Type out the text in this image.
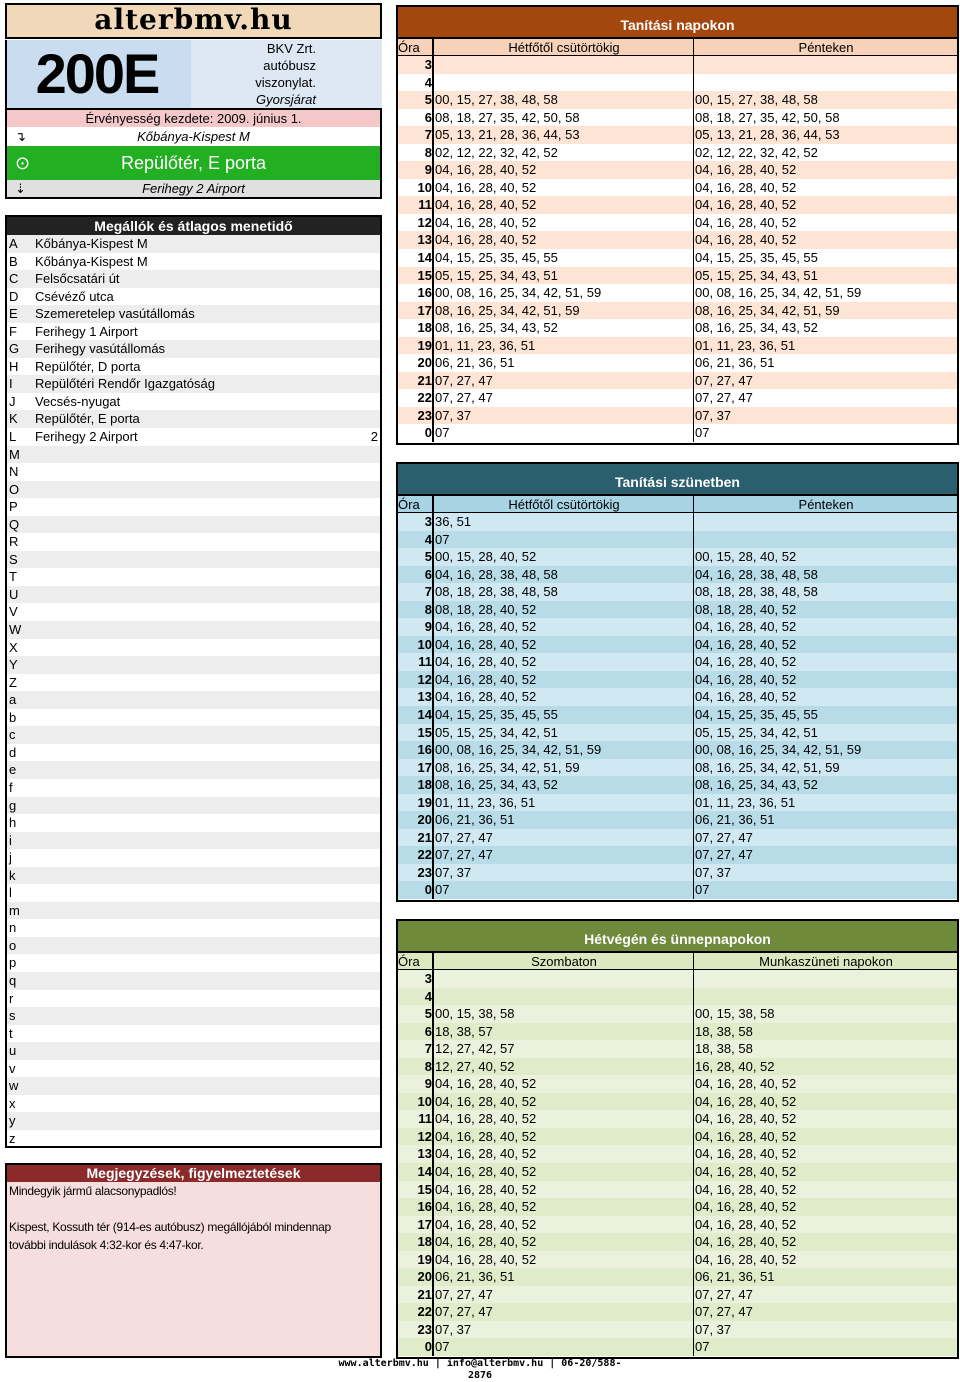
alterbmv.hu
200E	BKV Zrt.
autóbusz
viszonylat.
Gyorsjárat
Érvényesség kezdete: 2009. június 1.
↴	Kőbánya-Kispest M
⊙	Repülőtér, E porta
⇣	Ferihegy 2 Airport
Megállók és átlagos menetidő
A Kőbánya-Kispest M
B Kőbánya-Kispest M
C Felsőcsatári út
D Csévéző utca
E Szemeretelep vasútállomás
F Ferihegy 1 Airport
G Ferihegy vasútállomás
H Repülőtér, D porta
I Repülőtéri Rendőr Igazgatóság
J Vecsés-nyugat
K Repülőtér, E porta
L Ferihegy 2 Airport	2
M
N
O
P
Q
R
S
T
U
V
W
X
Y
Z
a
b
c
d
e
f
g
h
i
j
k
l
m
n
o
p
q
r
s
t
u
v
w
x
y
z
Megjegyzések, figyelmeztetések

Mindegyik jármű alacsonypadlós!

Kispest, Kossuth tér (914-es autóbusz) megállójából mindennap

további indulások 4:32-kor és 4:47-kor.

Tanítási napokon
Óra	Hétfőtől csütörtökig	Pénteken
3
4
5 00, 15, 27, 38, 48, 58	00, 15, 27, 38, 48, 58
6 08, 18, 27, 35, 42, 50, 58	08, 18, 27, 35, 42, 50, 58
7 05, 13, 21, 28, 36, 44, 53	05, 13, 21, 28, 36, 44, 53
8 02, 12, 22, 32, 42, 52	02, 12, 22, 32, 42, 52
9 04, 16, 28, 40, 52	04, 16, 28, 40, 52
10 04, 16, 28, 40, 52	04, 16, 28, 40, 52
11 04, 16, 28, 40, 52	04, 16, 28, 40, 52
12 04, 16, 28, 40, 52	04, 16, 28, 40, 52
13 04, 16, 28, 40, 52	04, 16, 28, 40, 52
14 04, 15, 25, 35, 45, 55	04, 15, 25, 35, 45, 55
15 05, 15, 25, 34, 43, 51	05, 15, 25, 34, 43, 51
16 00, 08, 16, 25, 34, 42, 51, 59	00, 08, 16, 25, 34, 42, 51, 59
17 08, 16, 25, 34, 42, 51, 59	08, 16, 25, 34, 42, 51, 59
18 08, 16, 25, 34, 43, 52	08, 16, 25, 34, 43, 52
19 01, 11, 23, 36, 51	01, 11, 23, 36, 51
20 06, 21, 36, 51	06, 21, 36, 51
21 07, 27, 47	07, 27, 47
22 07, 27, 47	07, 27, 47
23 07, 37	07, 37
0 07	07
Tanítási szünetben
Óra	Hétfőtől csütörtökig	Pénteken
3 36, 51
4 07
5 00, 15, 28, 40, 52	00, 15, 28, 40, 52
6 04, 16, 28, 38, 48, 58	04, 16, 28, 38, 48, 58
7 08, 18, 28, 38, 48, 58	08, 18, 28, 38, 48, 58
8 08, 18, 28, 40, 52	08, 18, 28, 40, 52
9 04, 16, 28, 40, 52	04, 16, 28, 40, 52
10 04, 16, 28, 40, 52	04, 16, 28, 40, 52
11 04, 16, 28, 40, 52	04, 16, 28, 40, 52
12 04, 16, 28, 40, 52	04, 16, 28, 40, 52
13 04, 16, 28, 40, 52	04, 16, 28, 40, 52
14 04, 15, 25, 35, 45, 55	04, 15, 25, 35, 45, 55
15 05, 15, 25, 34, 42, 51	05, 15, 25, 34, 42, 51
16 00, 08, 16, 25, 34, 42, 51, 59	00, 08, 16, 25, 34, 42, 51, 59
17 08, 16, 25, 34, 42, 51, 59	08, 16, 25, 34, 42, 51, 59
18 08, 16, 25, 34, 43, 52	08, 16, 25, 34, 43, 52
19 01, 11, 23, 36, 51	01, 11, 23, 36, 51
20 06, 21, 36, 51	06, 21, 36, 51
21 07, 27, 47	07, 27, 47
22 07, 27, 47	07, 27, 47
23 07, 37	07, 37
0 07	07
Hétvégén és ünnepnapokon
Óra	Szombaton	Munkaszüneti napokon
3
4
5 00, 15, 38, 58	00, 15, 38, 58
6 18, 38, 57	18, 38, 58
7 12, 27, 42, 57	18, 38, 58
8 12, 27, 40, 52	16, 28, 40, 52
9 04, 16, 28, 40, 52	04, 16, 28, 40, 52
10 04, 16, 28, 40, 52	04, 16, 28, 40, 52
11 04, 16, 28, 40, 52	04, 16, 28, 40, 52
12 04, 16, 28, 40, 52	04, 16, 28, 40, 52
13 04, 16, 28, 40, 52	04, 16, 28, 40, 52
14 04, 16, 28, 40, 52	04, 16, 28, 40, 52
15 04, 16, 28, 40, 52	04, 16, 28, 40, 52
16 04, 16, 28, 40, 52	04, 16, 28, 40, 52
17 04, 16, 28, 40, 52	04, 16, 28, 40, 52
18 04, 16, 28, 40, 52	04, 16, 28, 40, 52
19 04, 16, 28, 40, 52	04, 16, 28, 40, 52
20 06, 21, 36, 51	06, 21, 36, 51
21 07, 27, 47	07, 27, 47
22 07, 27, 47	07, 27, 47
23 07, 37	07, 37
0 07	07
www.alterbmv.hu | info@alterbmv.hu | 06-20/588-2876
